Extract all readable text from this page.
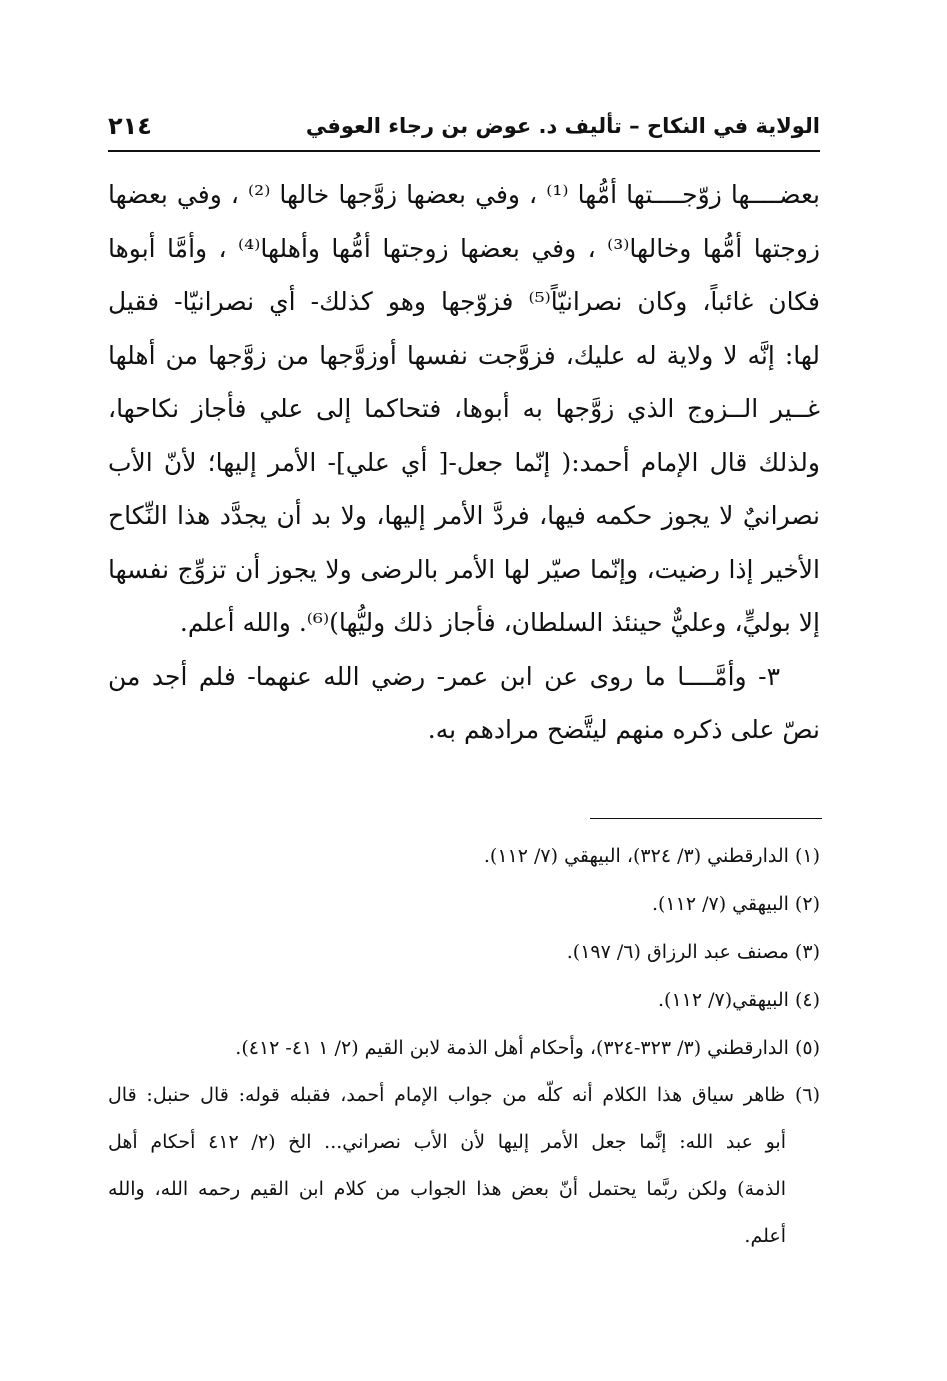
الولاية في النكاح – تأليف د. عوض بن رجاء العوفي
٢١٤
بعضــــها زوّجــــتها أمُّها ⁽¹⁾ ، وفي بعضها زوَّجها خالها ⁽²⁾ ، وفي بعضها
زوجتها أمُّها وخالها⁽³⁾ ، وفي بعضها زوجتها أمُّها وأهلها⁽⁴⁾ ، وأمَّا أبوها
فكان غائباً، وكان نصرانيّاً⁽⁵⁾ فزوّجها وهو كذلك- أي نصرانيّا- فقيل
لها: إنَّه لا ولاية له عليك، فزوَّجت نفسها أوزوَّجها من زوَّجها من أهلها
غــير الــزوج الذي زوَّجها به أبوها، فتحاكما إلى علي فأجاز نكاحها،
ولذلك قال الإمام أحمد:( إنّما جعل-[ أي علي]- الأمر إليها؛ لأنّ الأب
نصرانيٌ لا يجوز حكمه فيها، فردَّ الأمر إليها، ولا بد أن يجدَّد هذا النِّكاح
الأخير إذا رضيت، وإنّما صيّر لها الأمر بالرضى ولا يجوز أن تزوِّج نفسها
إلا بوليٍّ، وعليٌّ حينئذ السلطان، فأجاز ذلك وليُّها)⁽⁶⁾. والله أعلم.
٣- وأمَّــــا ما روى عن ابن عمر- رضي الله عنهما- فلم أجد من
نصّ على ذكره منهم ليتَّضح مرادهم به.
(١) الدارقطني (٣/ ٣٢٤)، البيهقي (٧/ ١١٢).
(٢) البيهقي (٧/ ١١٢).
(٣) مصنف عبد الرزاق (٦/ ١٩٧).
(٤) البيهقي(٧/ ١١٢).
(٥) الدارقطني (٣/ ٣٢٣-٣٢٤)، وأحكام أهل الذمة لابن القيم (٢/ ١ ٤١- ٤١٢).
(٦) ظاهر سياق هذا الكلام أنه كلّه من جواب الإمام أحمد، فقبله قوله: قال حنبل: قال
أبو عبد الله: إنَّما جعل الأمر إليها لأن الأب نصراني... الخ (٢/ ٤١٢ أحكام أهل
الذمة) ولكن ربَّما يحتمل أنّ بعض هذا الجواب من كلام ابن القيم رحمه الله، والله
أعلم.
